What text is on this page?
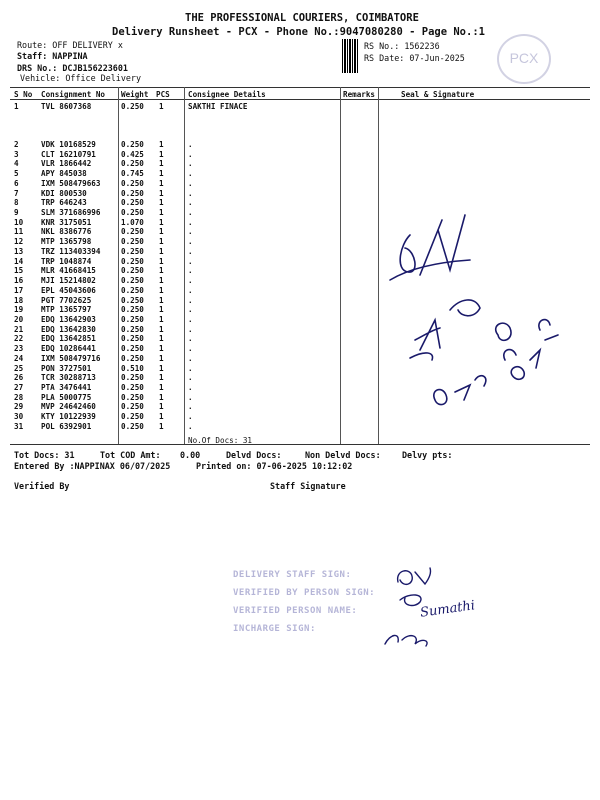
THE PROFESSIONAL COURIERS, COIMBATORE
Delivery Runsheet - PCX - Phone No.:9047080280 - Page No.:1
Route: OFF DELIVERY x
Staff: NAPPINA
DRS No.: DCJB156223601
Vehicle: Office Delivery
RS No.: 1562236
RS Date: 07-Jun-2025	PCX
S No Consignment No Weight PCS Consignee Details	Remarks	Seal & Signature
1	TVL 8607368	0.250 1	SAKTHI FINACE
2	VDK 10168529	0.250 1	.
3	CLT 16210791	0.425 1	.
4	VLR 1866442	0.250 1	.
5	APY 845038	0.745 1	.
6	IXM 508479663	0.250 1	.
7	KDI 800530	0.250 1	.
8	TRP 646243	0.250 1	.
9	SLM 371686996	0.250 1	.
10 KNR 3175051	1.070 1	.
11 NKL 8386776	0.250 1	.
12 MTP 1365798	0.250 1	.
13 TRZ 113403394	0.250 1	.
14 TRP 1048874	0.250 1	.
15 MLR 41668415	0.250 1	.
16 MJI 15214802	0.250 1	.
17 EPL 45043606	0.250 1	.
18 PGT 7702625	0.250 1	.
19 MTP 1365797	0.250 1	.
20 EDQ 13642903	0.250 1	.
21 EDQ 13642830	0.250 1	.
22 EDQ 13642851	0.250 1	.
23 EDQ 10286441	0.250 1	.
24 IXM 508479716	0.250 1	.
25 PON 3727501	0.510 1	.
26 TCR 30288713	0.250 1	.
27 PTA 3476441	0.250 1	.
28 PLA 5000775	0.250 1	.
29 MVP 24642460	0.250 1	.
30 KTY 10122939	0.250 1	.
31 POL 6392901	0.250 1	.
No.Of Docs: 31
Tot Docs: 31	Tot COD Amt: 0.00	Delvd Docs:	Non Delvd Docs:	Delvy pts:
Entered By :NAPPINAX 06/07/2025	Printed on: 07-06-2025 10:12:02
Verified By	Staff Signature
DELIVERY STAFF SIGN:
VERIFIED BY PERSON SIGN:
VERIFIED PERSON NAME:
INCHARGE SIGN:
Sumathi
